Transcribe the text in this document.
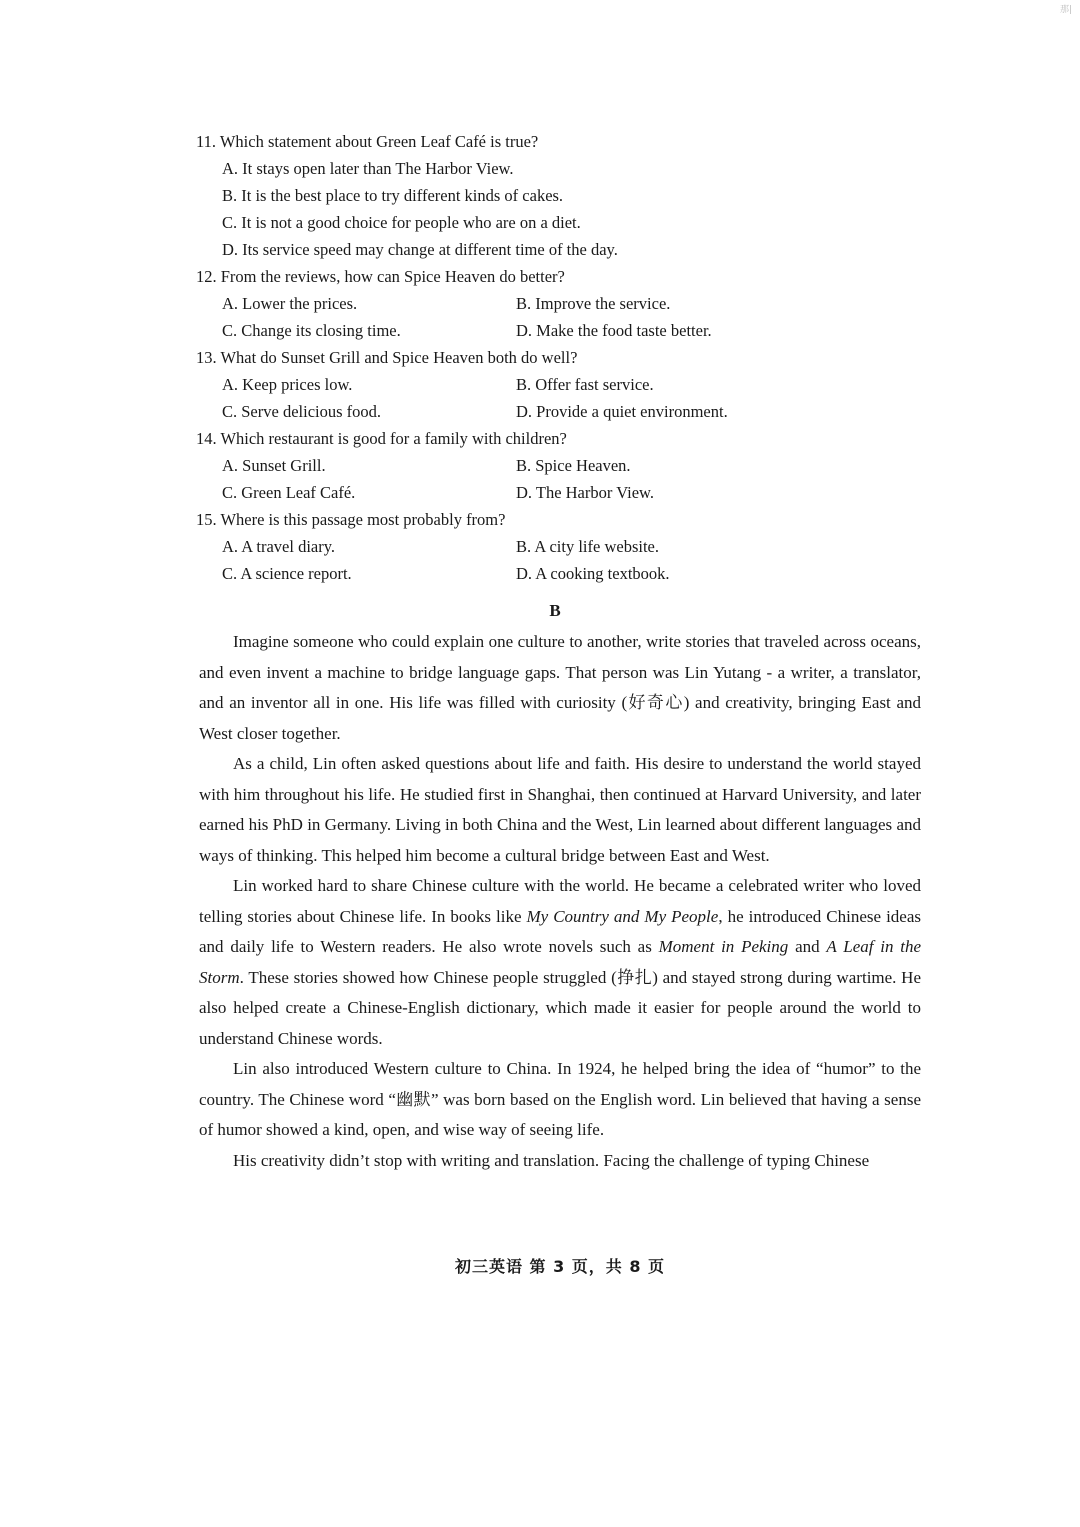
那|
11. Which statement about Green Leaf Café is true?
A. It stays open later than The Harbor View.
B. It is the best place to try different kinds of cakes.
C. It is not a good choice for people who are on a diet.
D. Its service speed may change at different time of the day.
12. From the reviews, how can Spice Heaven do better?
A. Lower the prices.	B. Improve the service.
C. Change its closing time.	D. Make the food taste better.
13. What do Sunset Grill and Spice Heaven both do well?
A. Keep prices low.	B. Offer fast service.
C. Serve delicious food.	D. Provide a quiet environment.
14. Which restaurant is good for a family with children?
A. Sunset Grill.	B. Spice Heaven.
C. Green Leaf Café.	D. The Harbor View.
15. Where is this passage most probably from?
A. A travel diary.	B. A city life website.
C. A science report.	D. A cooking textbook.
B

Imagine someone who could explain one culture to another, write stories that traveled across oceans, and even invent a machine to bridge language gaps. That person was Lin Yutang - a writer, a translator, and an inventor all in one. His life was filled with curiosity (好奇心) and creativity, bringing East and West closer together.

As a child, Lin often asked questions about life and faith. His desire to understand the world stayed with him throughout his life. He studied first in Shanghai, then continued at Harvard University, and later earned his PhD in Germany. Living in both China and the West, Lin learned about different languages and ways of thinking. This helped him become a cultural bridge between East and West.

Lin worked hard to share Chinese culture with the world. He became a celebrated writer who loved telling stories about Chinese life. In books like My Country and My People, he introduced Chinese ideas and daily life to Western readers. He also wrote novels such as Moment in Peking and A Leaf in the Storm. These stories showed how Chinese people struggled (挣扎) and stayed strong during wartime. He also helped create a Chinese-English dictionary, which made it easier for people around the world to understand Chinese words.

Lin also introduced Western culture to China. In 1924, he helped bring the idea of “humor” to the country. The Chinese word “幽默” was born based on the English word. Lin believed that having a sense of humor showed a kind, open, and wise way of seeing life.

His creativity didn’t stop with writing and translation. Facing the challenge of typing Chinese

初三英语 第 3 页，共 8 页
